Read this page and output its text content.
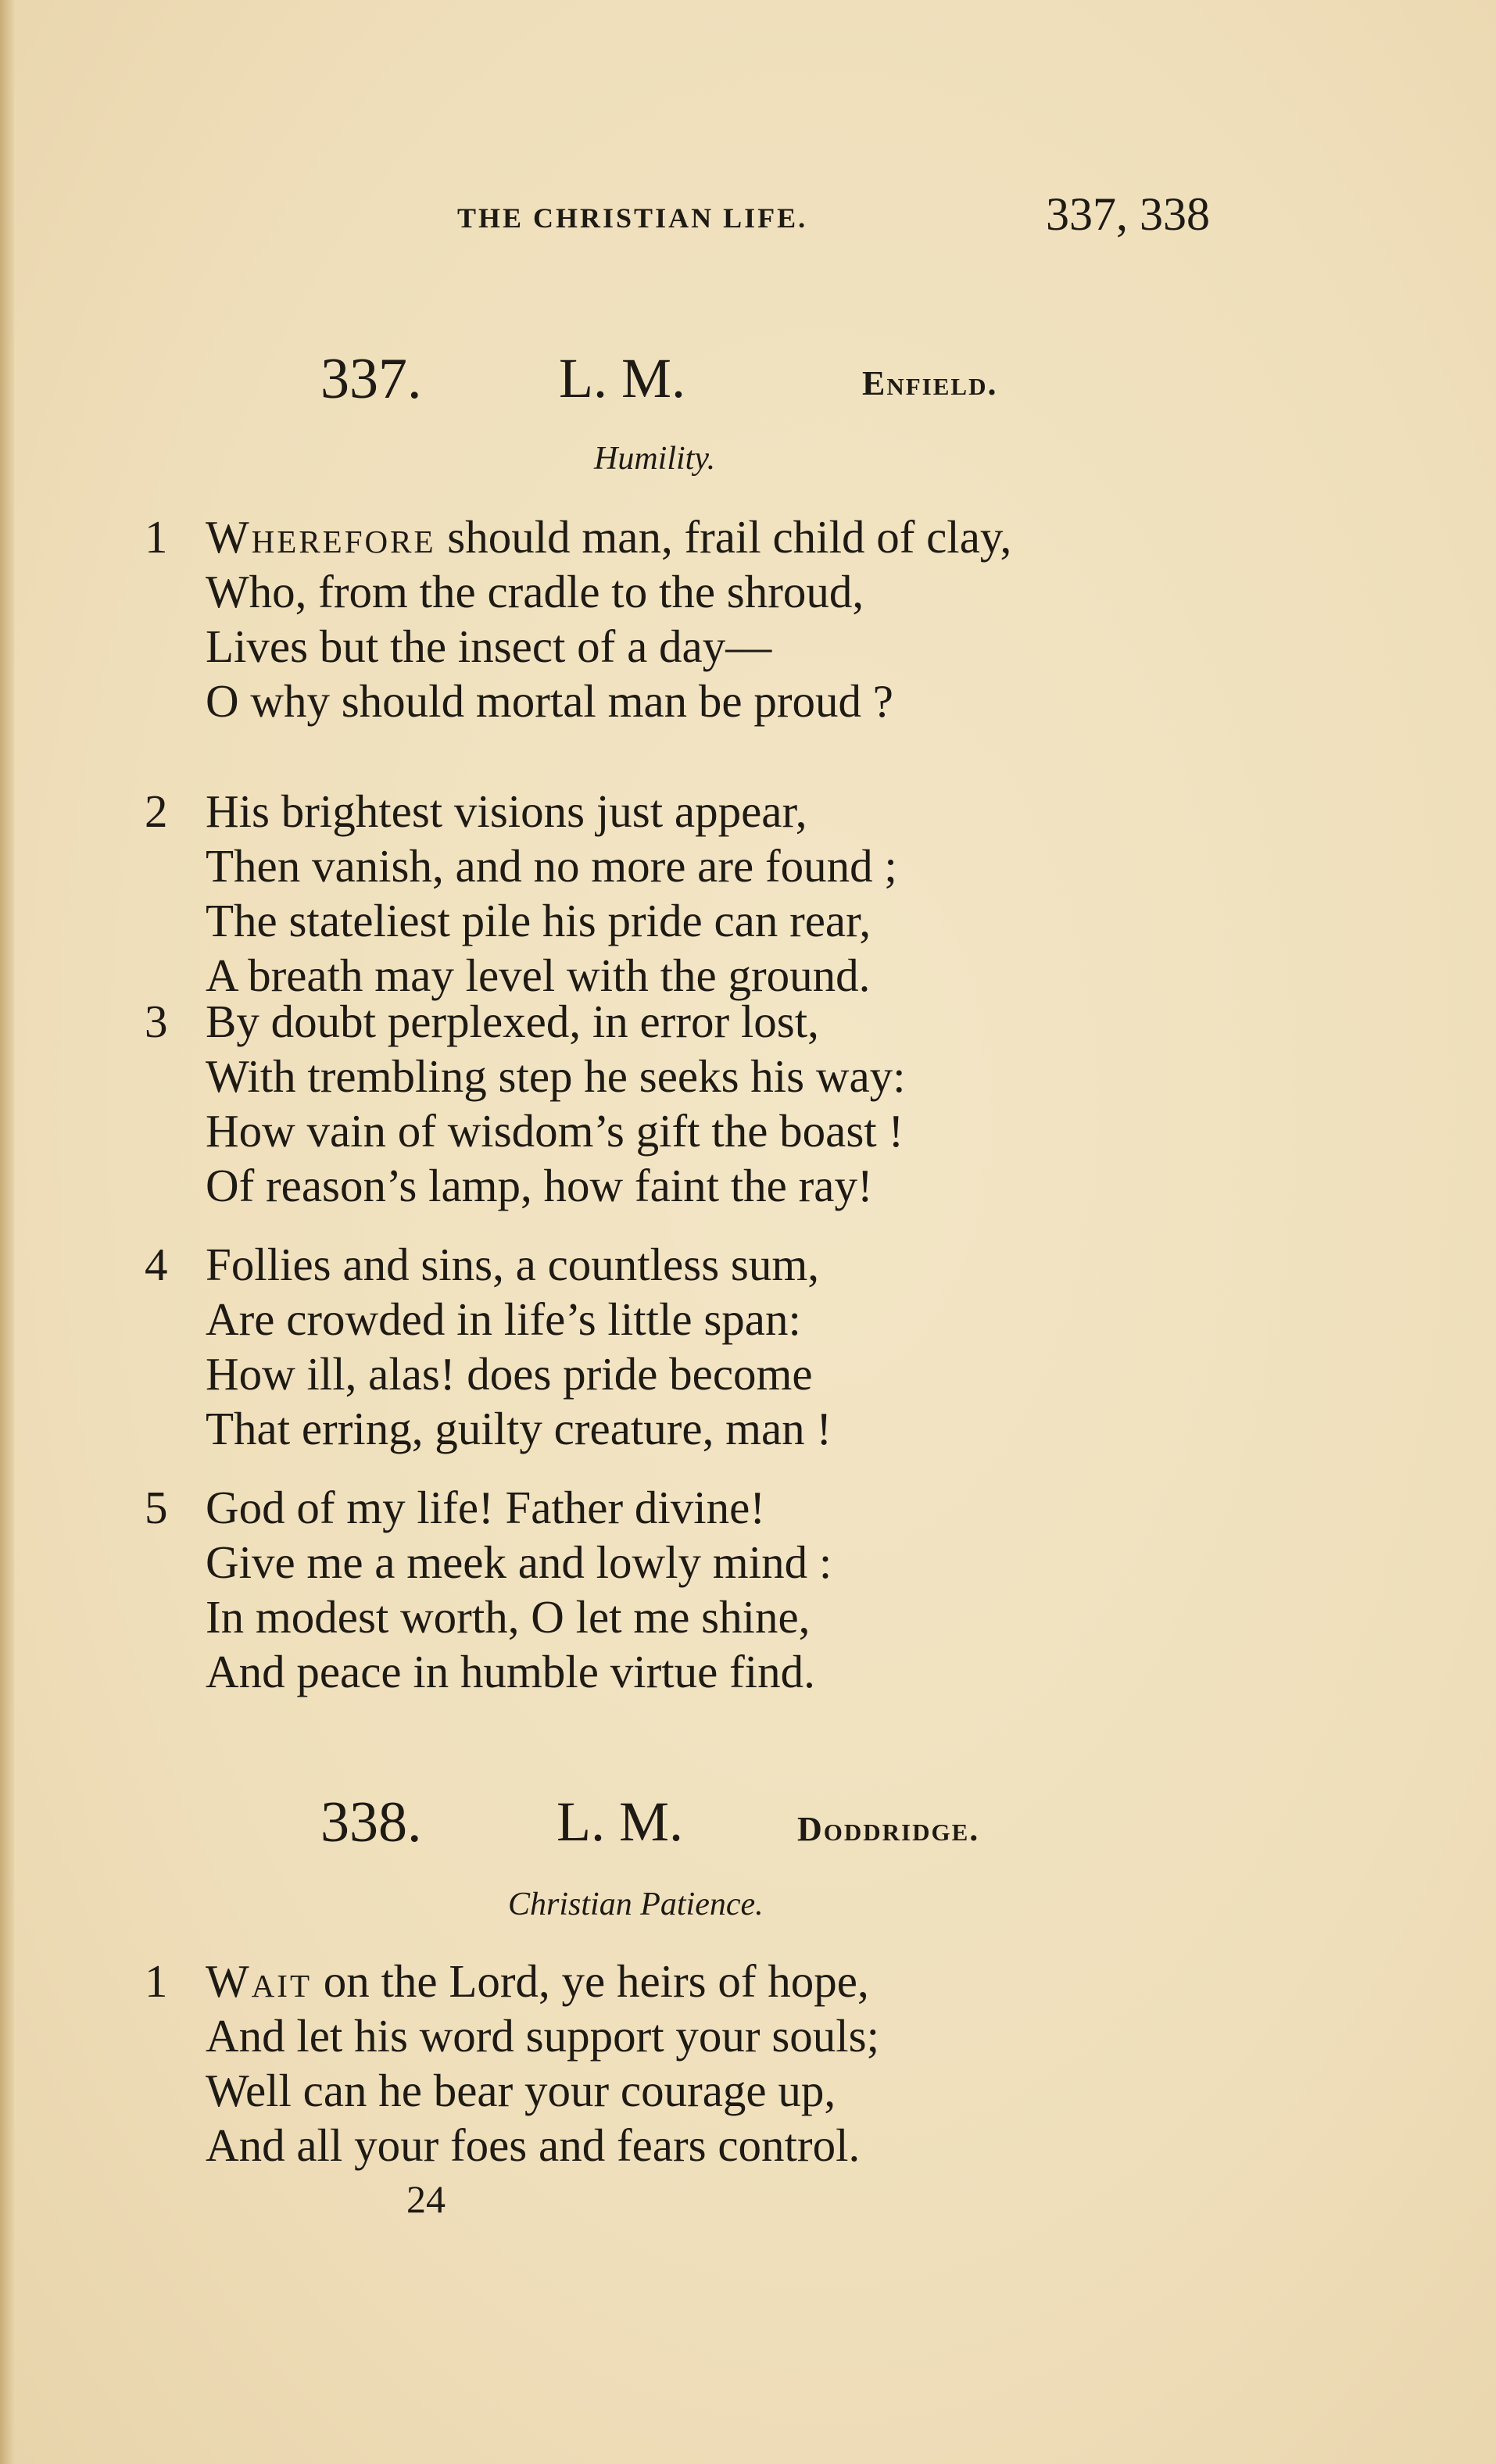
THE CHRISTIAN LIFE.	337, 338
337. L. M.	Enfield.
Humility.
1 Wherefore should man, frail child of clay,
Who, from the cradle to the shroud,
Lives but the insect of a day—
O why should mortal man be proud ?
2 His brightest visions just appear,
Then vanish, and no more are found ;
The stateliest pile his pride can rear,
A breath may level with the ground.
3 By doubt perplexed, in error lost,
With trembling step he seeks his way:
How vain of wisdom’s gift the boast !
Of reason’s lamp, how faint the ray!
4 Follies and sins, a countless sum,
Are crowded in life’s little span:
How ill, alas! does pride become
That erring, guilty creature, man !
5 God of my life! Father divine!
Give me a meek and lowly mind :
In modest worth, O let me shine,
And peace in humble virtue find.
338. L. M.	Doddridge.
Christian Patience.
1 Wait on the Lord, ye heirs of hope,
And let his word support your souls;
Well can he bear your courage up,
And all your foes and fears control.
24
